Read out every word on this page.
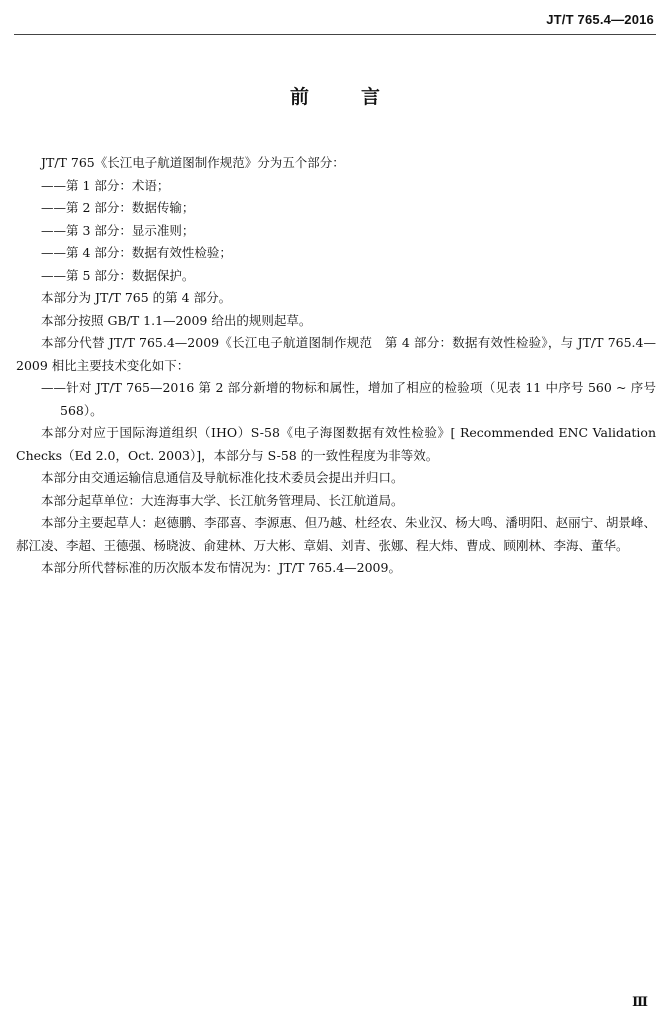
JT/T 765.4—2016
前	言

JT/T 765《长江电子航道图制作规范》分为五个部分：

——第 1 部分：术语；

——第 2 部分：数据传输；

——第 3 部分：显示准则；

——第 4 部分：数据有效性检验；

——第 5 部分：数据保护。

本部分为 JT/T 765 的第 4 部分。

本部分按照 GB/T 1.1—2009 给出的规则起草。

本部分代替 JT/T 765.4—2009《长江电子航道图制作规范　第 4 部分：数据有效性检验》，与 JT/T 765.4—2009 相比主要技术变化如下：

——针对 JT/T 765—2016 第 2 部分新增的物标和属性，增加了相应的检验项（见表 11 中序号 560 ~ 序号 568）。

本部分对应于国际海道组织（IHO）S-58《电子海图数据有效性检验》[ Recommended ENC Validation Checks（Ed 2.0，Oct. 2003）]，本部分与 S-58 的一致性程度为非等效。

本部分由交通运输信息通信及导航标准化技术委员会提出并归口。

本部分起草单位：大连海事大学、长江航务管理局、长江航道局。

本部分主要起草人：赵德鹏、李邵喜、李源惠、但乃越、杜经农、朱业汉、杨大鸣、潘明阳、赵丽宁、胡景峰、郝江凌、李超、王德强、杨晓波、俞建林、万大彬、章娟、刘青、张娜、程大炜、曹成、顾刚林、李海、董华。

本部分所代替标准的历次版本发布情况为：JT/T 765.4—2009。

Ⅲ
